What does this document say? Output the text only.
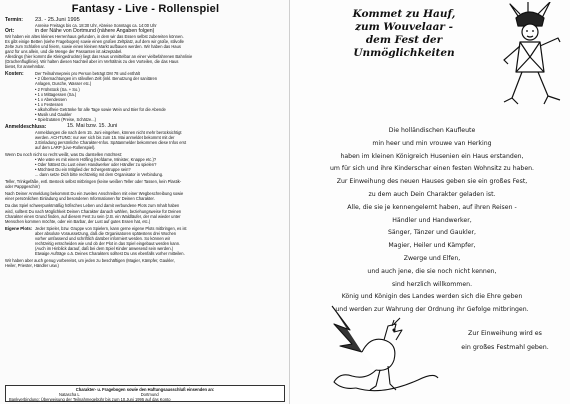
Fantasy - Live - Rollenspiel
Termin:	23. - 25.Juni 1995
Anreise Freitags bis ca. 18:30 Uhr, Abreise Sonntags ca. 14:00 Uhr
Ort:	in der Nähe von Dortmund (nähere Angaben folgen)
Wir haben ein altes kleines Herrenhaus gefunden, in dem wir das Essen selbst zubereiten können.
Es gibt einige Betten (siehe Fragebogen) sowie einen großen Zeltplatz, auf dem wir große, stilvolle
Zelte zum Schlafen und feiern, sowie einen kleinen Markt aufbauen werden. Wir haben das Haus
ganz für uns allein, und die Menge der Passanten ist akzeptabel.
Allerdings (hier kommt die Kleingedruckte) liegt das Haus unmittelbar an einer vielbefahrenen Bahnlinie
(Drachenflugllinie). Wir halten diesen Nachteil aber im Verhältnis zu den Vorteilen, die das Haus
bietet, für annehmbar.
Kosten:	Der Teilnahmepreis pro Person beträgt DM 78 und enthält
• 2 Übernachtungen im stilvollen Zelt (inkl. Benutzung der sanitären
Anlagen, Dusche, Wasser etc.)
• 2 Frühstück (Sa. + So.)
• 1 x Mittagessen (Sa.)
• 1 x Abendessen
• 1 x Festessen
• alkoholfreie Getränke für alle Tage sowie Wein und Bier für die Abende
• Musik und Gaukler
• Spielzutaten (Preise, Schätze...)
Anmeldeschluss:	15. Mai bzw. 15. Juni
Anmeldungen die nach dem 15. Juni eingehen, können nicht mehr berücksichtigt
werden. ACHTUNG: nur wer sich bis zum 15. Mai anmeldet bekommt mit der
2.Einladung persönliche Charakter-Infos. Spätanmelder bekommen diese Infos erst
auf dem LARP (Live-Rollenspiel).
Wenn Du noch nicht so recht weißt, was Du darstellen möchtest:
• Wie wäre es mit einem Höfling (Hofdame, Minister, Knappe etc.)?
• Oder hättest Du Lust einen Handwerker oder Händler zu spielen?
• Möchtest Du ein Mitglied der Schergentruppe sein?
... dann setze Dich bitte rechtzeitig mit dem Organisator in Verbindung.
Teller, Trinkgefäße, evtl. Besteck selbst mitbringen (keine weißen Teller oder Tassen, kein Plastik-
oder Pappgeschirr)
Nach Deiner Anmeldung bekommst Du ein zweites Anschreiben mit einer Wegbeschreibung sowie
einer persönlichen Einladung und besonderen Informationen für Deinen Charakter.
Da das Spiel schwerpunktmäßig höfisches Leben und damit verbundene Plots zum Inhalt haben
wird, solltest Du nach Möglichkeit Deinen Charakter danach wählen, beziehungsweise für Deinen
Charakter einen Grund finden, auf diesem Fest zu sein (z.B. ein Waldläufer, der mal wieder unter
Menschen kommen möchte, oder ein Barbar, der Lust auf gutes Essen hat, etc.)
Eigene Plots: Jeder Spieler, bzw. Gruppe von Spielern, kann gerne eigene Plots mitbringen, es ist
aber absolute Voraussetzung, daß die Organisatoren spätestens drei Wochen
vorher umfassend und schriftlich darüber informiert werden. So können wir
rechtzeitig entscheiden wie und ob der Plot in das Spiel eingebaut werden kann.
(Auch im Hinblick darauf, daß bei dem Spiel Kinder anwesend sein werden.)
Etwaige Aufträge o.ä. Deines Charakters solltest Du uns ebenfalls vorher mitteilen.
Wir haben aber auch genug vorbereitet, um jeden zu beschäftigen (Magier, Kämpfer, Gaukler,
Heiler, Priester, Händler usw.)
Charakter- u. Fragebogen sowie den Haftungsausschluß einsenden an:
Natascha L	Dortmund
Bankverbindung: Überweisung der Teilnahmegebühr bis zum 10.Juni 1995 auf das Konto
Kommet zu Hauf,
zum Wouvelaar -
dem Fest der
Unmöglichkeiten
Die holländischen Kaufleute
min heer und min vrouwe van Herking
haben im kleinen Königreich Husenien ein Haus erstanden,
um für sich und ihre Kinderschar einen festen Wohnsitz zu haben.
Zur Einweihung des neuen Hauses geben sie ein großes Fest,
zu dem auch Dein Charakter geladen ist.
Alle, die sie je kennengelernt haben, auf ihren Reisen -
Händler und Handwerker,
Sänger, Tänzer und Gaukler,
Magier, Heiler und Kämpfer,
Zwerge und Elfen,
und auch jene, die sie noch nicht kennen,
sind herzlich willkommen.
König und Königin des Landes werden sich die Ehre geben
und werden zur Wahrung der Ordnung ihr Gefolge mitbringen.
Zur Einweihung wird es
ein großes Festmahl geben.
